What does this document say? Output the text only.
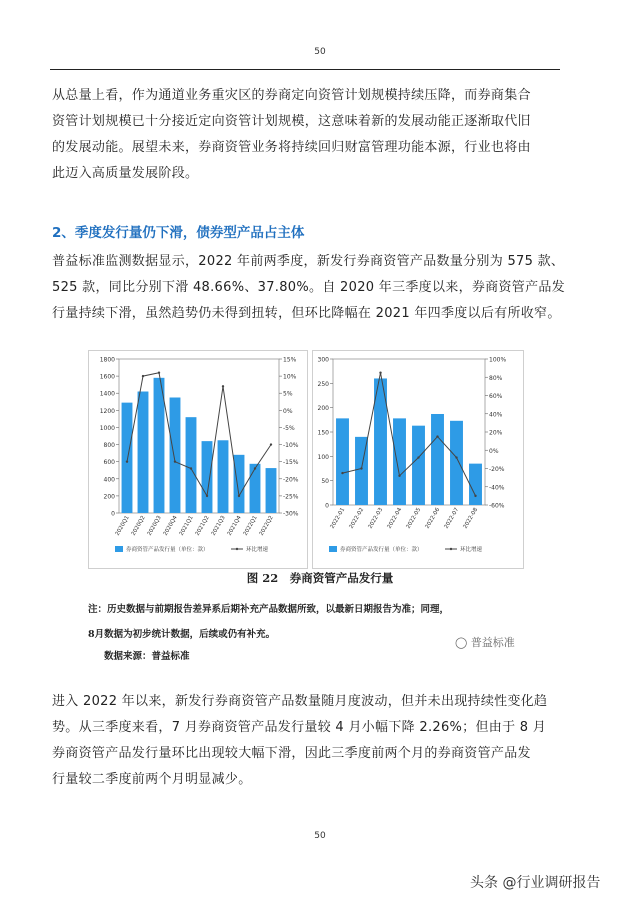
50

从总量上看，作为通道业务重灾区的券商定向资管计划规模持续压降，而券商集合

资管计划规模已十分接近定向资管计划规模，这意味着新的发展动能正逐渐取代旧

的发展动能。展望未来，券商资管业务将持续回归财富管理功能本源，行业也将由

此迈入高质量发展阶段。

2、季度发行量仍下滑，债券型产品占主体

普益标准监测数据显示，2022 年前两季度，新发行券商资管产品数量分别为 575 款、

525 款，同比分别下滑 48.66%、37.80%。自 2020 年三季度以来，券商资管产品发

行量持续下滑，虽然趋势仍未得到扭转，但环比降幅在 2021 年四季度以后有所收窄。

0
200
400
600
800
1000
1200
1400
1600
1800
-30%
-25%
-20%
-15%
-10%
-5%
0%
5%
10%
15%
2020Q1 2020Q2 2020Q3 2020Q4 2021Q1 2021Q2 2021Q3 2021Q4 2022Q1 2022Q2
券商资管产品发行量（单位：款）	环比增速
0
50
100
150
200
250
300
-60%
-40%
-20%
0%
20%
40%
60%
80%
100%
2022-01 2022-02 2022-03 2022-04 2022-05 2022-06 2022-07 2022-08
券商资管产品发行量（单位：款）	环比增速
图 22　券商资管产品发行量
注：历史数据与前期报告差异系后期补充产品数据所致，以最新日期报告为准；同理，
8月数据为初步统计数据，后续或仍有补充。
数据来源：普益标准
◯ 普益标准

进入 2022 年以来，新发行券商资管产品数量随月度波动，但并未出现持续性变化趋

势。从三季度来看，7 月券商资管产品发行量较 4 月小幅下降 2.26%；但由于 8 月

券商资管产品发行量环比出现较大幅下滑，因此三季度前两个月的券商资管产品发

行量较二季度前两个月明显减少。

50
头条 @行业调研报告
